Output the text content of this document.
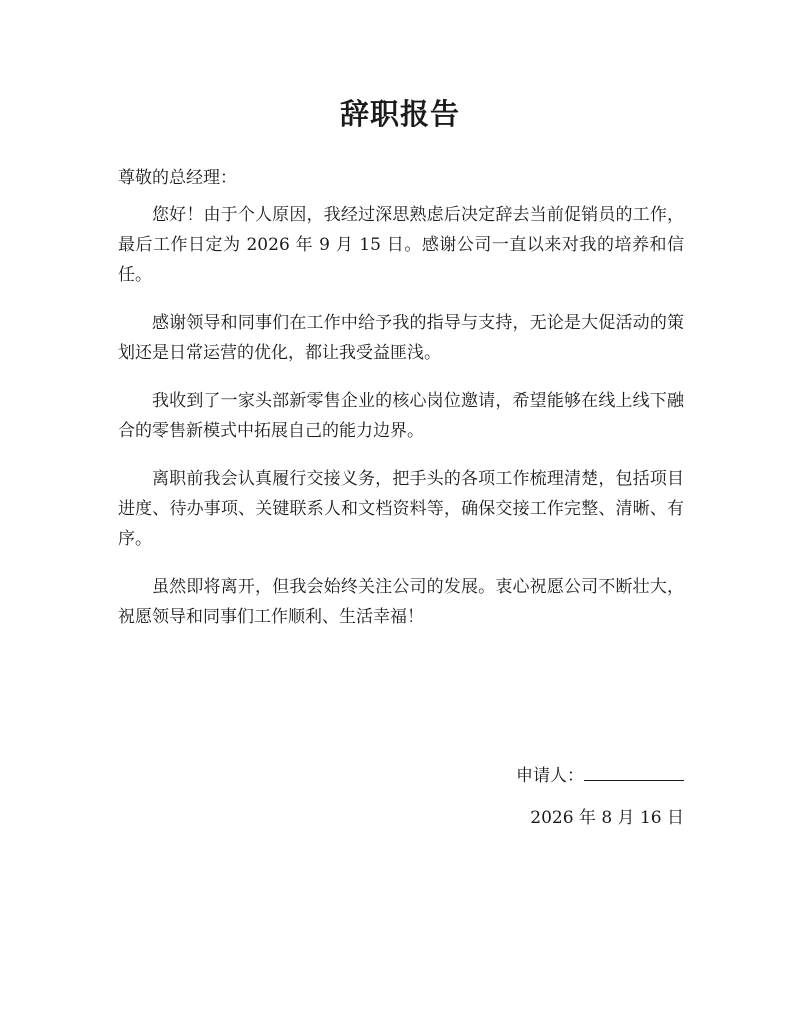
辞职报告

尊敬的总经理：

您好！由于个人原因，我经过深思熟虑后决定辞去当前促销员的工作，最后工作日定为 2026 年 9 月 15 日。感谢公司一直以来对我的培养和信任。

感谢领导和同事们在工作中给予我的指导与支持，无论是大促活动的策划还是日常运营的优化，都让我受益匪浅。

我收到了一家头部新零售企业的核心岗位邀请，希望能够在线上线下融合的零售新模式中拓展自己的能力边界。

离职前我会认真履行交接义务，把手头的各项工作梳理清楚，包括项目进度、待办事项、关键联系人和文档资料等，确保交接工作完整、清晰、有序。

虽然即将离开，但我会始终关注公司的发展。衷心祝愿公司不断壮大，祝愿领导和同事们工作顺利、生活幸福！

申请人：

2026 年 8 月 16 日
